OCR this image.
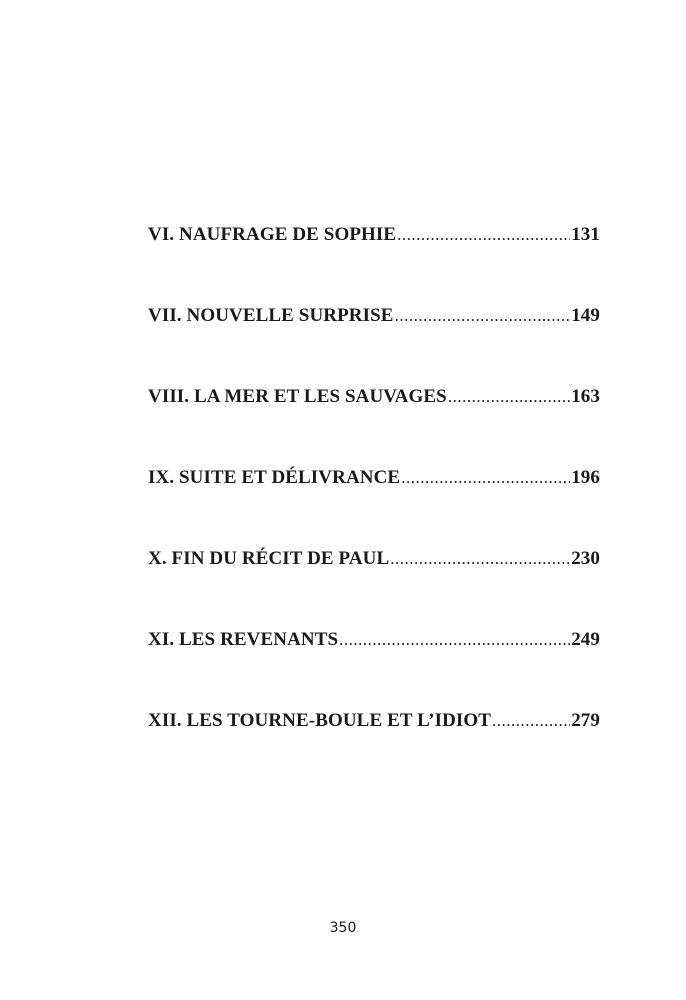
VI. NAUFRAGE DE SOPHIE .....	131
VII. NOUVELLE SURPRISE .....	149
VIII. LA MER ET LES SAUVAGES .....	163
IX. SUITE ET DÉLIVRANCE .....	196
X. FIN DU RÉCIT DE PAUL .....	230
XI. LES REVENANTS .....	249
XII. LES TOURNE-BOULE ET L’IDIOT .....	279
350
